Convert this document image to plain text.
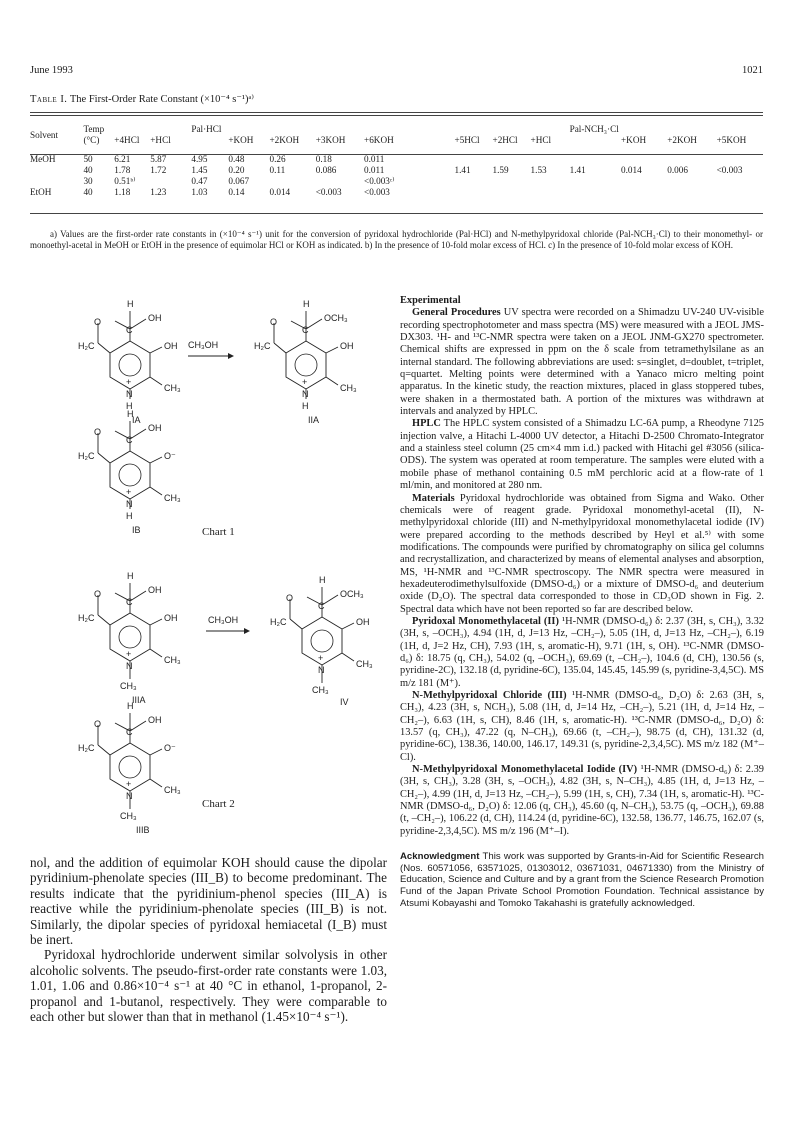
June 1993	1021
Table I. The First-Order Rate Constant (×10⁻⁴ s⁻¹)ᵃ⁾
	Temp			Pal·HCl								Pal-NCH₃·Cl			
Solvent	(°C)	+4HCl	+HCl		+KOH	+2KOH	+3KOH	+6KOH	+5HCl	+2HCl	+HCl		+KOH	+2KOH	+5KOH

MeOH	50	6.21	5.87	4.95	0.48	0.26	0.18	0.011							
	40	1.78	1.72	1.45	0.20	0.11	0.086	0.011	1.41	1.59	1.53	1.41	0.014	0.006	<0.003
	30	0.51ᵇ⁾		0.47	0.067			<0.003ᶜ⁾							
EtOH	40	1.18	1.23	1.03	0.14	0.014	<0.003	<0.003							
a) Values are the first-order rate constants in (×10⁻⁴ s⁻¹) unit for the conversion of pyridoxal hydrochloride (Pal·HCl) and N-methylpyridoxal chloride (Pal-NCH₃·Cl) to their monomethyl- or monoethyl-acetal in MeOH or EtOH in the presence of equimolar HCl or KOH as indicated. b) In the presence of 10-fold molar excess of HCl. c) In the presence of 10-fold molar excess of KOH.
H
O
C
OH
H₂C	OH
CH₃
+
N
H
IA
CH₃OH
H
O
C
OCH₃
H₂C	OH
CH₃
+
N
H
IIA
H
O
C
OH
H₂C	O⁻
CH₃
+
N
H
IB	Chart 1
H
O
C
OH
H₂C	OH
CH₃
+
N
CH₃
IIIA
CH₃OH
H
O
C
OCH₃
H₂C	OH
CH₃
+
N
CH₃
IV
H
O
C
OH
H₂C	O⁻
CH₃
+
N
CH₃
IIIB
Chart 2

nol, and the addition of equimolar KOH should cause the dipolar pyridinium-phenolate species (III_B) to become predominant. The results indicate that the pyridinium-phenol species (III_A) is reactive while the pyridinium-phenolate species (III_B) is not. Similarly, the dipolar species of pyridoxal hemiacetal (I_B) must be inert.

Pyridoxal hydrochloride underwent similar solvolysis in other alcoholic solvents. The pseudo-first-order rate constants were 1.03, 1.01, 1.06 and 0.86×10⁻⁴ s⁻¹ at 40 °C in ethanol, 1-propanol, 2-propanol and 1-butanol, respectively. They were comparable to each other but slower than that in methanol (1.45×10⁻⁴ s⁻¹).

Experimental

General Procedures UV spectra were recorded on a Shimadzu UV-240 UV-visible recording spectrophotometer and mass spectra (MS) were measured with a JEOL JMS-DX303. ¹H- and ¹³C-NMR spectra were taken on a JEOL JNM-GX270 spectrometer. Chemical shifts are expressed in ppm on the δ scale from tetramethylsilane as an internal standard. The following abbreviations are used: s=singlet, d=doublet, t=triplet, q=quartet. Melting points were determined with a Yanaco micro melting point apparatus. In the kinetic study, the reaction mixtures, placed in glass stoppered tubes, were shaken in a thermostated bath. A portion of the mixtures was withdrawn at intervals and analyzed by HPLC.

HPLC The HPLC system consisted of a Shimadzu LC-6A pump, a Rheodyne 7125 injection valve, a Hitachi L-4000 UV detector, a Hitachi D-2500 Chromato-Integrator and a stainless steel column (25 cm×4 mm i.d.) packed with Hitachi gel #3056 (silica-ODS). The system was operated at room temperature. The samples were eluted with a mobile phase of methanol containing 0.5 mM perchloric acid at a flow-rate of 1 ml/min, and monitored at 280 nm.

Materials Pyridoxal hydrochloride was obtained from Sigma and Wako. Other chemicals were of reagent grade. Pyridoxal monomethyl-acetal (II), N-methylpyridoxal chloride (III) and N-methylpyridoxal monomethylacetal iodide (IV) were prepared according to the methods described by Heyl et al.⁵⁾ with some modifications. The compounds were purified by chromatography on silica gel columns and recrystallization, and characterized by means of elemental analyses and absorption, MS, ¹H-NMR and ¹³C-NMR spectroscopy. The NMR spectra were measured in hexadeuterodimethylsulfoxide (DMSO-d₆) or a mixture of DMSO-d₆ and deuterium oxide (D₂O). The spectral data corresponded to those in CD₃OD shown in Fig. 2. Spectral data which have not been reported so far are described below.

Pyridoxal Monomethylacetal (II) ¹H-NMR (DMSO-d₆) δ: 2.37 (3H, s, CH₃), 3.32 (3H, s, –OCH₃), 4.94 (1H, d, J=13 Hz, –CH₂–), 5.05 (1H, d, J=13 Hz, –CH₂–), 6.19 (1H, d, J=2 Hz, CH), 7.93 (1H, s, aromatic-H), 9.71 (1H, s, OH). ¹³C-NMR (DMSO-d₆) δ: 18.75 (q, CH₃), 54.02 (q, –OCH₃), 69.69 (t, –CH₂–), 104.6 (d, CH), 130.56 (s, pyridine-2C), 132.18 (d, pyridine-6C), 135.04, 145.45, 145.99 (s, pyridine-3,4,5C). MS m/z 181 (M⁺).

N-Methylpyridoxal Chloride (III) ¹H-NMR (DMSO-d₆, D₂O) δ: 2.63 (3H, s, CH₃), 4.23 (3H, s, NCH₃), 5.08 (1H, d, J=14 Hz, –CH₂–), 5.21 (1H, d, J=14 Hz, –CH₂–), 6.63 (1H, s, CH), 8.46 (1H, s, aromatic-H). ¹³C-NMR (DMSO-d₆, D₂O) δ: 13.57 (q, CH₃), 47.22 (q, N–CH₃), 69.66 (t, –CH₂–), 98.75 (d, CH), 131.32 (d, pyridine-6C), 138.36, 140.00, 146.17, 149.31 (s, pyridine-2,3,4,5C). MS m/z 182 (M⁺–Cl).

N-Methylpyridoxal Monomethylacetal Iodide (IV) ¹H-NMR (DMSO-d₆) δ: 2.39 (3H, s, CH₃), 3.28 (3H, s, –OCH₃), 4.82 (3H, s, N–CH₃), 4.85 (1H, d, J=13 Hz, –CH₂–), 4.99 (1H, d, J=13 Hz, –CH₂–), 5.99 (1H, s, CH), 7.34 (1H, s, aromatic-H). ¹³C-NMR (DMSO-d₆, D₂O) δ: 12.06 (q, CH₃), 45.60 (q, N–CH₃), 53.75 (q, –OCH₃), 69.88 (t, –CH₂–), 106.22 (d, CH), 114.24 (d, pyridine-6C), 132.58, 136.77, 146.75, 162.07 (s, pyridine-2,3,4,5C). MS m/z 196 (M⁺–I).

Acknowledgment This work was supported by Grants-in-Aid for Scientific Research (Nos. 60571056, 63571025, 01303012, 03671031, 04671330) from the Ministry of Education, Science and Culture and by a grant from the Science Research Promotion Fund of the Japan Private School Promotion Foundation. Technical assistance by Atsumi Kobayashi and Tomoko Takahashi is gratefully acknowledged.
